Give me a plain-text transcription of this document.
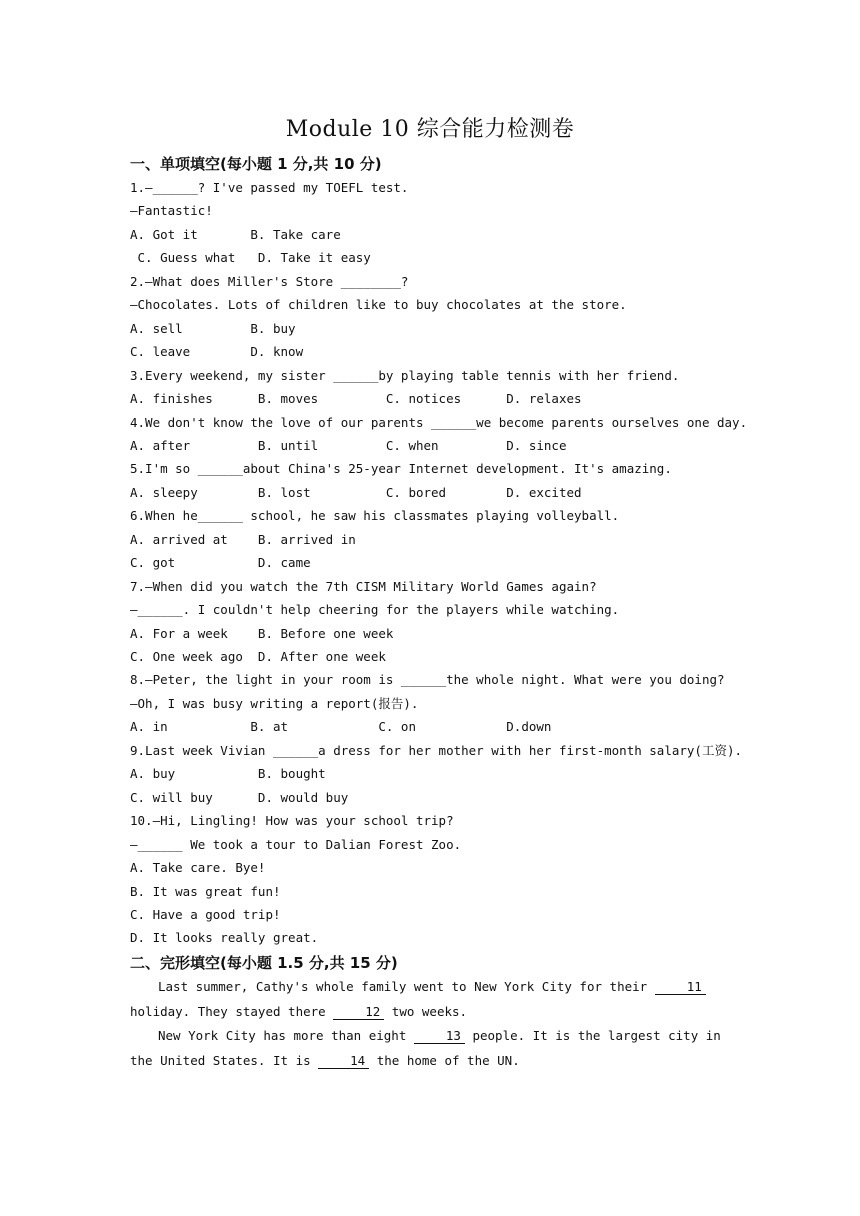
Module 10 综合能力检测卷
一、单项填空(每小题 1 分,共 10 分)
1.—______? I've passed my TOEFL test.
—Fantastic!
A. Got it       B. Take care
C. Guess what   D. Take it easy
2.—What does Miller's Store ________?
—Chocolates. Lots of children like to buy chocolates at the store.
A. sell         B. buy
C. leave        D. know
3.Every weekend, my sister ______by playing table tennis with her friend.
A. finishes      B. moves         C. notices      D. relaxes
4.We don't know the love of our parents ______we become parents ourselves one day.
A. after         B. until         C. when         D. since
5.I'm so ______about China's 25-year Internet development. It's amazing.
A. sleepy        B. lost          C. bored        D. excited
6.When he______ school, he saw his classmates playing volleyball.
A. arrived at    B. arrived in
C. got           D. came
7.—When did you watch the 7th CISM Military World Games again?
—______. I couldn't help cheering for the players while watching.
A. For a week    B. Before one week
C. One week ago  D. After one week
8.—Peter, the light in your room is ______the whole night. What were you doing?
—Oh, I was busy writing a report(报告).
A. in           B. at            C. on            D.down
9.Last week Vivian ______a dress for her mother with her first-month salary(工资).
A. buy           B. bought
C. will buy      D. would buy
10.—Hi, Lingling! How was your school trip?
—______ We took a tour to Dalian Forest Zoo.
A. Take care. Bye!
B. It was great fun!
C. Have a good trip!
D. It looks really great.
二、完形填空(每小题 1.5 分,共 15 分)
Last summer, Cathy's whole family went to New York City for their	11 holiday. They stayed there	12 two weeks.
New York City has more than eight	13 people. It is the largest city in the United States. It is	14 the home of the UN.
